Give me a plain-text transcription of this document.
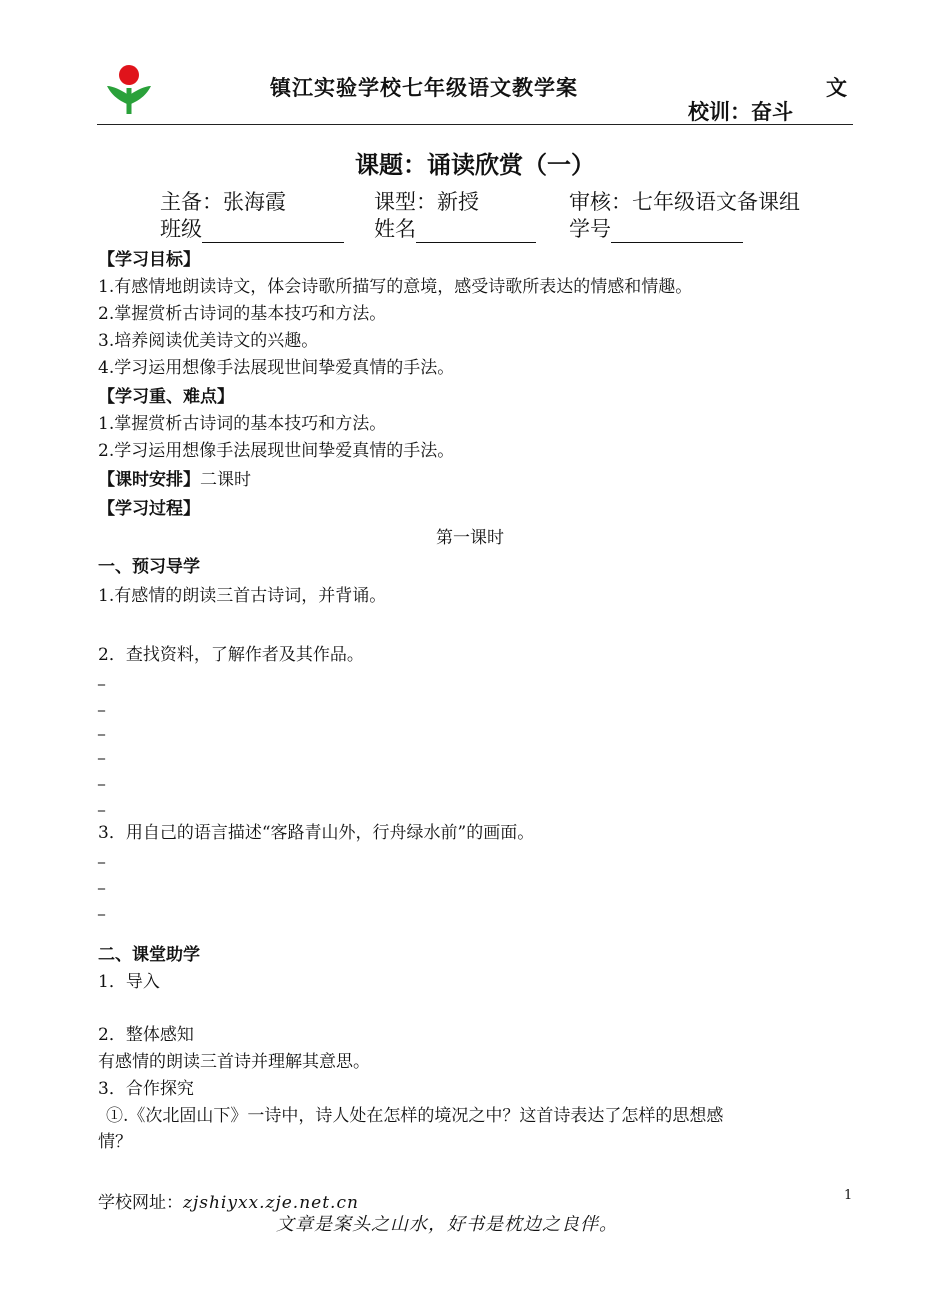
镇江实验学校七年级语文教学案	文
校训：奋斗
课题：诵读欣赏（一）
主备：张海霞	课型：新授	审核：七年级语文备课组
班级	姓名	学号
【学习目标】
1.有感情地朗读诗文，体会诗歌所描写的意境，感受诗歌所表达的情感和情趣。
2.掌握赏析古诗词的基本技巧和方法。
3.培养阅读优美诗文的兴趣。
4.学习运用想像手法展现世间挚爱真情的手法。
【学习重、难点】
1.掌握赏析古诗词的基本技巧和方法。
2.学习运用想像手法展现世间挚爱真情的手法。
【课时安排】二课时
【学习过程】
第一课时
一、预习导学
1.有感情的朗读三首古诗词，并背诵。
2．查找资料，了解作者及其作品。
_
_
_
_
_
_
3．用自己的语言描述“客路青山外，行舟绿水前”的画面。
_
_
_
二、课堂助学
1．导入
2．整体感知
有感情的朗读三首诗并理解其意思。
3．合作探究
①.《次北固山下》一诗中，诗人处在怎样的境况之中？这首诗表达了怎样的思想感
情？
学校网址：zjshiyxx.zje.net.cn	1
文章是案头之山水，好书是枕边之良伴。
